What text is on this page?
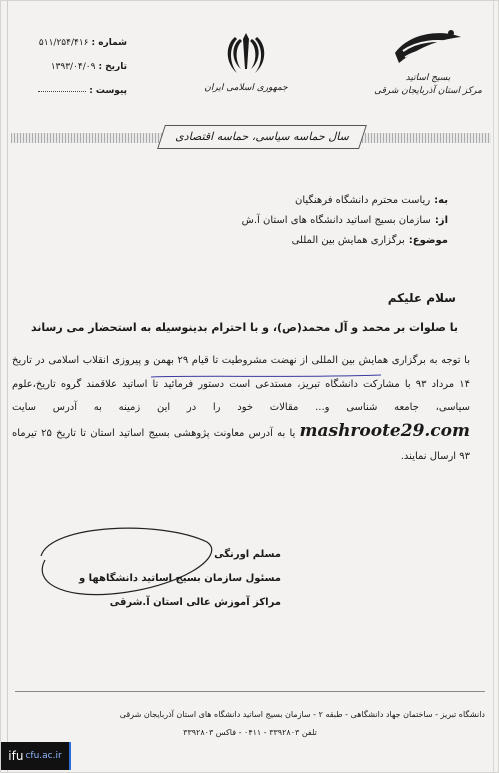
بسیج اساتید
مرکز استان آذربایجان شرقی
جمهوری اسلامی ایران
شماره :
۵۱۱/۲۵۴/۴۱۶
تاریخ :
۱۳۹۳/۰۴/۰۹
پیوست :
سال حماسه سیاسی، حماسه اقتصادی
به:ریاست محترم دانشگاه فرهنگیان
از:سازمان بسیج اساتید دانشگاه های استان آ.ش
موضوع:برگزاری همایش بین المللی
سلام علیکم
با صلوات بر محمد و آل محمد(ص)، و با احترام بدینوسیله به استحضار می رساند

با توجه به برگزاری همایش بین المللی از نهضت مشروطیت تا قیام ۲۹ بهمن و پیروزی انقلاب اسلامی در تاریخ ۱۴ مرداد ۹۳ با مشارکت دانشگاه تبریز، مستدعی است دستور فرمائید تا اساتید علاقمند گروه تاریخ،علوم سیاسی، جامعه شناسی و... مقالات خود را در این زمینه به آدرس سایت mashroote29.com یا به آدرس معاونت پژوهشی بسیج اساتید استان تا تاریخ ۲۵ تیرماه ۹۳ ارسال نمایند.

مسلم اورنگی
مسئول سازمان بسیج اساتید دانشگاهها و
مراکز آموزش عالی استان آ.شرقی
دانشگاه تبریز - ساختمان جهاد دانشگاهی - طبقه ۲ - سازمان بسیج اساتید دانشگاه های استان آذربایجان شرقی
تلفن ۳۳۹۲۸۰۳ - ۰۴۱۱ - فاکس ۳۳۹۲۸۰۳
ifu cfu.ac.ir
